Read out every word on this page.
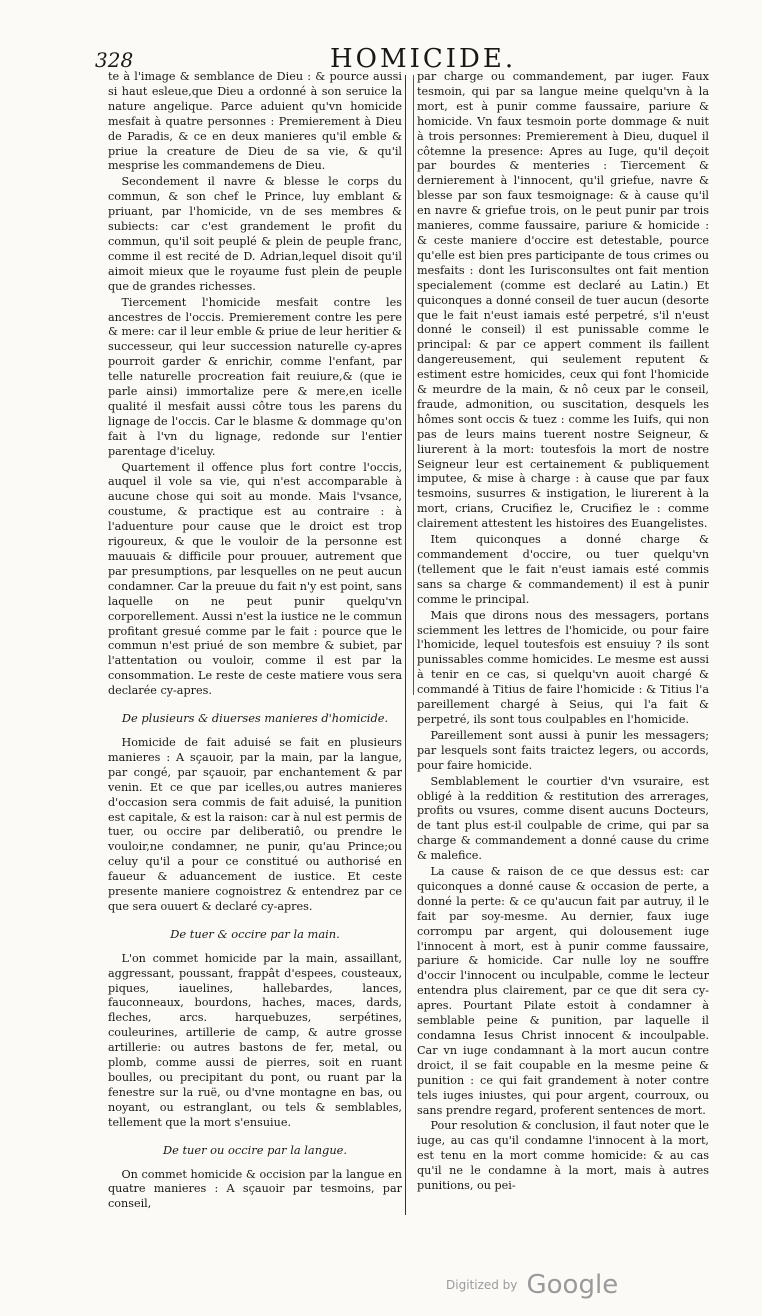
328	HOMICIDE.

te à l'image & semblance de Dieu : & pource aussi si haut esleue,que Dieu a ordonné à son seruice la nature angelique. Parce aduient qu'vn homicide mesfait à quatre personnes : Premierement à Dieu de Paradis, & ce en deux manieres qu'il emble & priue la creature de Dieu de sa vie, & qu'il mesprise les commandemens de Dieu.

Secondement il navre & blesse le corps du commun, & son chef le Prince, luy emblant & priuant, par l'homicide, vn de ses membres & subiects: car c'est grandement le profit du commun, qu'il soit peuplé & plein de peuple franc, comme il est recité de D. Adrian,lequel disoit qu'il aimoit mieux que le royaume fust plein de peuple que de grandes richesses.

Tiercement l'homicide mesfait contre les ancestres de l'occis. Premierement contre les pere & mere: car il leur emble & priue de leur heritier & successeur, qui leur succession naturelle cy-apres pourroit garder & enrichir, comme l'enfant, par telle naturelle procreation fait reuiure,& (que ie parle ainsi) immortalize pere & mere,en icelle qualité il mesfait aussi côtre tous les parens du lignage de l'occis. Car le blasme & dommage qu'on fait à l'vn du lignage, redonde sur l'entier parentage d'iceluy.

Quartement il offence plus fort contre l'occis, auquel il vole sa vie, qui n'est accomparable à aucune chose qui soit au monde. Mais l'vsance, coustume, & practique est au contraire : à l'aduenture pour cause que le droict est trop rigoureux, & que le vouloir de la personne est mauuais & difficile pour prouuer, autrement que par presumptions, par lesquelles on ne peut aucun condamner. Car la preuue du fait n'y est point, sans laquelle on ne peut punir quelqu'vn corporellement. Aussi n'est la iustice ne le commun profitant gresué comme par le fait : pource que le commun n'est priué de son membre & subiet, par l'attentation ou vouloir, comme il est par la consommation. Le reste de ceste matiere vous sera declarée cy-apres.

De plusieurs & diuerses manieres d'homicide.

Homicide de fait aduisé se fait en plusieurs manieres : A sçauoir, par la main, par la langue, par congé, par sçauoir, par enchantement & par venin. Et ce que par icelles,ou autres manieres d'occasion sera commis de fait aduisé, la punition est capitale, & est la raison: car à nul est permis de tuer, ou occire par deliberatiô, ou prendre le vouloir,ne condamner, ne punir, qu'au Prince;ou celuy qu'il a pour ce constitué ou authorisé en faueur & aduancement de iustice. Et ceste presente maniere cognoistrez & entendrez par ce que sera ouuert & declaré cy-apres.

De tuer & occire par la main.

L'on commet homicide par la main, assaillant, aggressant, poussant, frappât d'espees, cousteaux, piques, iauelines, hallebardes, lances, fauconneaux, bourdons, haches, maces, dards, fleches, arcs. harquebuzes, serpétines, couleurines, artillerie de camp, & autre grosse artillerie: ou autres bastons de fer, metal, ou plomb, comme aussi de pierres, soit en ruant boulles, ou precipitant du pont, ou ruant par la fenestre sur la ruë, ou d'vne montagne en bas, ou noyant, ou estranglant, ou tels & semblables, tellement que la mort s'ensuiue.

De tuer ou occire par la langue.

On commet homicide & occision par la langue en quatre manieres : A sçauoir par tesmoins, par conseil,

par charge ou commandement, par iuger. Faux tesmoin, qui par sa langue meine quelqu'vn à la mort, est à punir comme faussaire, pariure & homicide. Vn faux tesmoin porte dommage & nuit à trois personnes: Premierement à Dieu, duquel il côtemne la presence: Apres au Iuge, qu'il deçoit par bourdes & menteries : Tiercement & dernierement à l'innocent, qu'il griefue, navre & blesse par son faux tesmoignage: & à cause qu'il en navre & griefue trois, on le peut punir par trois manieres, comme faussaire, pariure & homicide : & ceste maniere d'occire est detestable, pource qu'elle est bien pres participante de tous crimes ou mesfaits : dont les Iurisconsultes ont fait mention specialement (comme est declaré au Latin.) Et quiconques a donné conseil de tuer aucun (desorte que le fait n'eust iamais esté perpetré, s'il n'eust donné le conseil) il est punissable comme le principal: & par ce appert comment ils faillent dangereusement, qui seulement reputent & estiment estre homicides, ceux qui font l'homicide & meurdre de la main, & nô ceux par le conseil, fraude, admonition, ou suscitation, desquels les hômes sont occis & tuez : comme les Iuifs, qui non pas de leurs mains tuerent nostre Seigneur, & liurerent à la mort: toutesfois la mort de nostre Seigneur leur est certainement & publiquement imputee, & mise à charge : à cause que par faux tesmoins, susurres & instigation, le liurerent à la mort, crians, Crucifiez le, Crucifiez le : comme clairement attestent les histoires des Euangelistes.

Item quiconques a donné charge & commandement d'occire, ou tuer quelqu'vn (tellement que le fait n'eust iamais esté commis sans sa charge & commandement) il est à punir comme le principal.

Mais que dirons nous des messagers, portans sciemment les lettres de l'homicide, ou pour faire l'homicide, lequel toutesfois est ensuiuy ? ils sont punissables comme homicides. Le mesme est aussi à tenir en ce cas, si quelqu'vn auoit chargé & commandé à Titius de faire l'homicide : & Titius l'a pareillement chargé à Seius, qui l'a fait & perpetré, ils sont tous coulpables en l'homicide.

Pareillement sont aussi à punir les messagers; par lesquels sont faits traictez legers, ou accords, pour faire homicide.

Semblablement le courtier d'vn vsuraire, est obligé à la reddition & restitution des arrerages, profits ou vsures, comme disent aucuns Docteurs, de tant plus est-il coulpable de crime, qui par sa charge & commandement a donné cause du crime & malefice.

La cause & raison de ce que dessus est: car quiconques a donné cause & occasion de perte, a donné la perte: & ce qu'aucun fait par autruy, il le fait par soy-mesme. Au dernier, faux iuge corrompu par argent, qui dolousement iuge l'innocent à mort, est à punir comme faussaire, pariure & homicide. Car nulle loy ne souffre d'occir l'innocent ou inculpable, comme le lecteur entendra plus clairement, par ce que dit sera cy-apres. Pourtant Pilate estoit à condamner à semblable peine & punition, par laquelle il condamna Iesus Christ innocent & incoulpable. Car vn iuge condamnant à la mort aucun contre droict, il se fait coupable en la mesme peine & punition : ce qui fait grandement à noter contre tels iuges iniustes, qui pour argent, courroux, ou sans prendre regard, proferent sentences de mort.

Pour resolution & conclusion, il faut noter que le iuge, au cas qu'il condamne l'innocent à la mort, est tenu en la mort comme homicide: & au cas qu'il ne le condamne à la mort, mais à autres punitions, ou pei-

Digitized by Google
